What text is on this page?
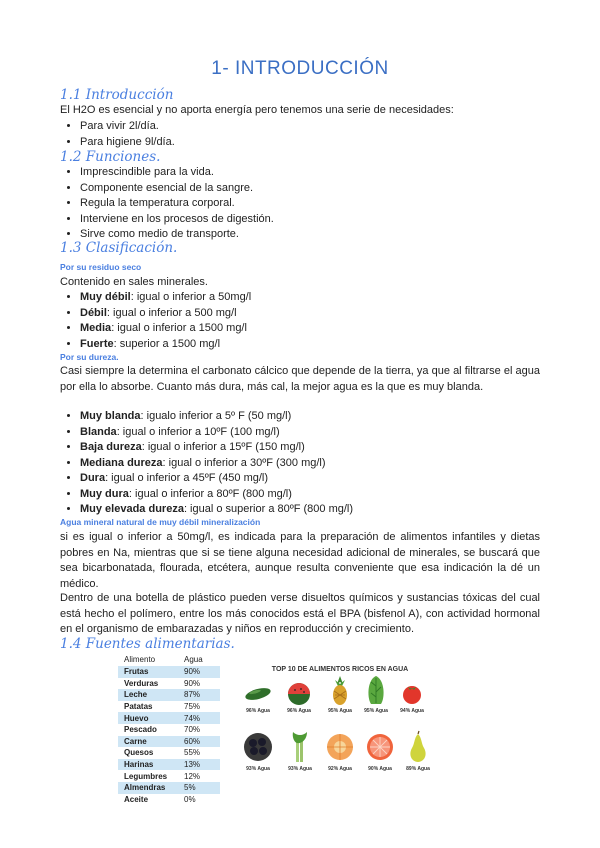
1- INTRODUCCIÓN
1.1 Introducción

El H2O es esencial y no aporta energía pero tenemos una serie de necesidades:

• Para vivir 2l/día.
• Para higiene 9l/día.
1.2 Funciones.
• Imprescindible para la vida.
• Componente esencial de la sangre.
• Regula la temperatura corporal.
• Interviene en los procesos de digestión.
• Sirve como medio de transporte.
1.3 Clasificación.
Por su residuo seco

Contenido en sales minerales.

• Muy débil: igual o inferior a 50mg/l
• Débil: igual o inferior a 500 mg/l
• Media: igual o inferior a 1500 mg/l
• Fuerte: superior a 1500 mg/l
Por su dureza.

Casi siempre la determina el carbonato cálcico que depende de la tierra, ya que al filtrarse el agua por ella lo absorbe. Cuanto más dura, más cal, la mejor agua es la que es muy blanda.

• Muy blanda: igualo inferior a 5º F (50 mg/l)
• Blanda: igual o inferior a 10ºF (100 mg/l)
• Baja dureza: igual o inferior a 15ºF (150 mg/l)
• Mediana dureza: igual o inferior a 30ºF (300 mg/l)
• Dura: igual o inferior a 45ºF (450 mg/l)
• Muy dura: igual o inferior a 80ºF (800 mg/l)
• Muy elevada dureza: igual o superior a 80ºF (800 mg/l)
Agua mineral natural de muy débil mineralización

si es igual o inferior a 50mg/l, es indicada para la preparación de alimentos infantiles y dietas pobres en Na, mientras que si se tiene alguna necesidad adicional de minerales, se buscará que sea bicarbonatada, flourada, etcétera, aunque resulta conveniente que esa indicación la dé un médico.

Dentro de una botella de plástico pueden verse disueltos químicos y sustancias tóxicas del cual está hecho el polímero, entre los más conocidos está el BPA (bisfenol A), con actividad hormonal en el organismo de embarazadas y niños en reproducción y crecimiento.

1.4 Fuentes alimentarias.
Alimento	Agua
Frutas	90%
Verduras	90%
Leche	87%
Patatas	75%
Huevo	74%
Pescado	70%
Carne	60%
Quesos	55%
Harinas	13%
Legumbres	12%
Almendras	5%
Aceite	0%
TOP 10 DE ALIMENTOS RICOS EN AGUA
96% Agua	96% Agua	95% Agua	95% Agua	94% Agua
93% Agua	93% Agua	92% Agua	90% Agua	89% Agua
